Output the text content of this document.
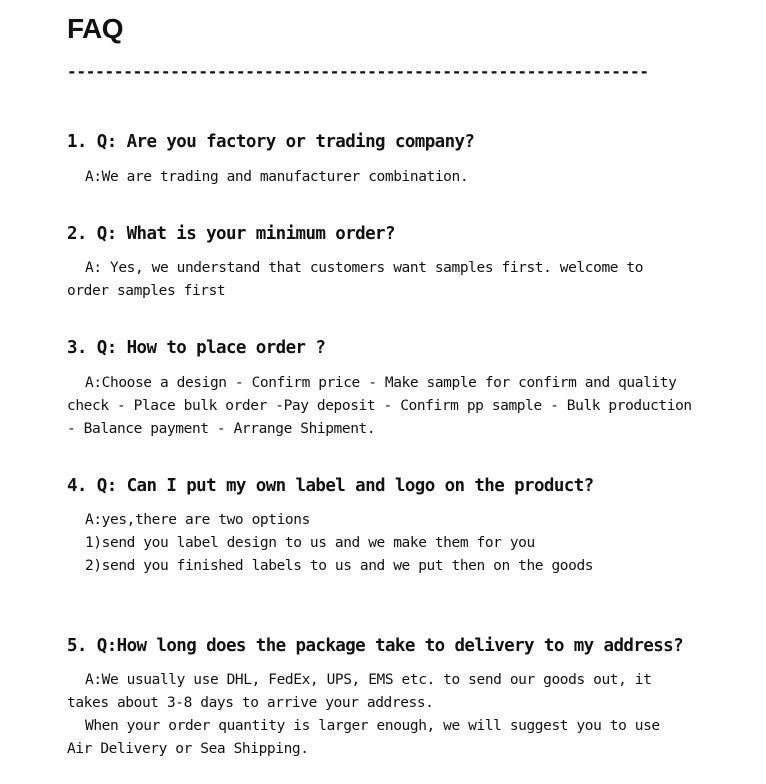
FAQ
--------------------------------------------------------------
1. Q: Are you factory or trading company?
A:We are trading and manufacturer combination.
2. Q: What is your minimum order?
A: Yes, we understand that customers want samples first. welcome to
order samples first
3. Q: How to place order ?
A:Choose a design - Confirm price - Make sample for confirm and quality
check - Place bulk order -Pay deposit - Confirm pp sample - Bulk production
- Balance payment - Arrange Shipment.
4. Q: Can I put my own label and logo on the product?
A:yes,there are two options
1)send you label design to us and we make them for you
2)send you finished labels to us and we put then on the goods
5. Q:How long does the package take to delivery to my address?
A:We usually use DHL, FedEx, UPS, EMS etc. to send our goods out, it
takes about 3-8 days to arrive your address.
When your order quantity is larger enough, we will suggest you to use
Air Delivery or Sea Shipping.
